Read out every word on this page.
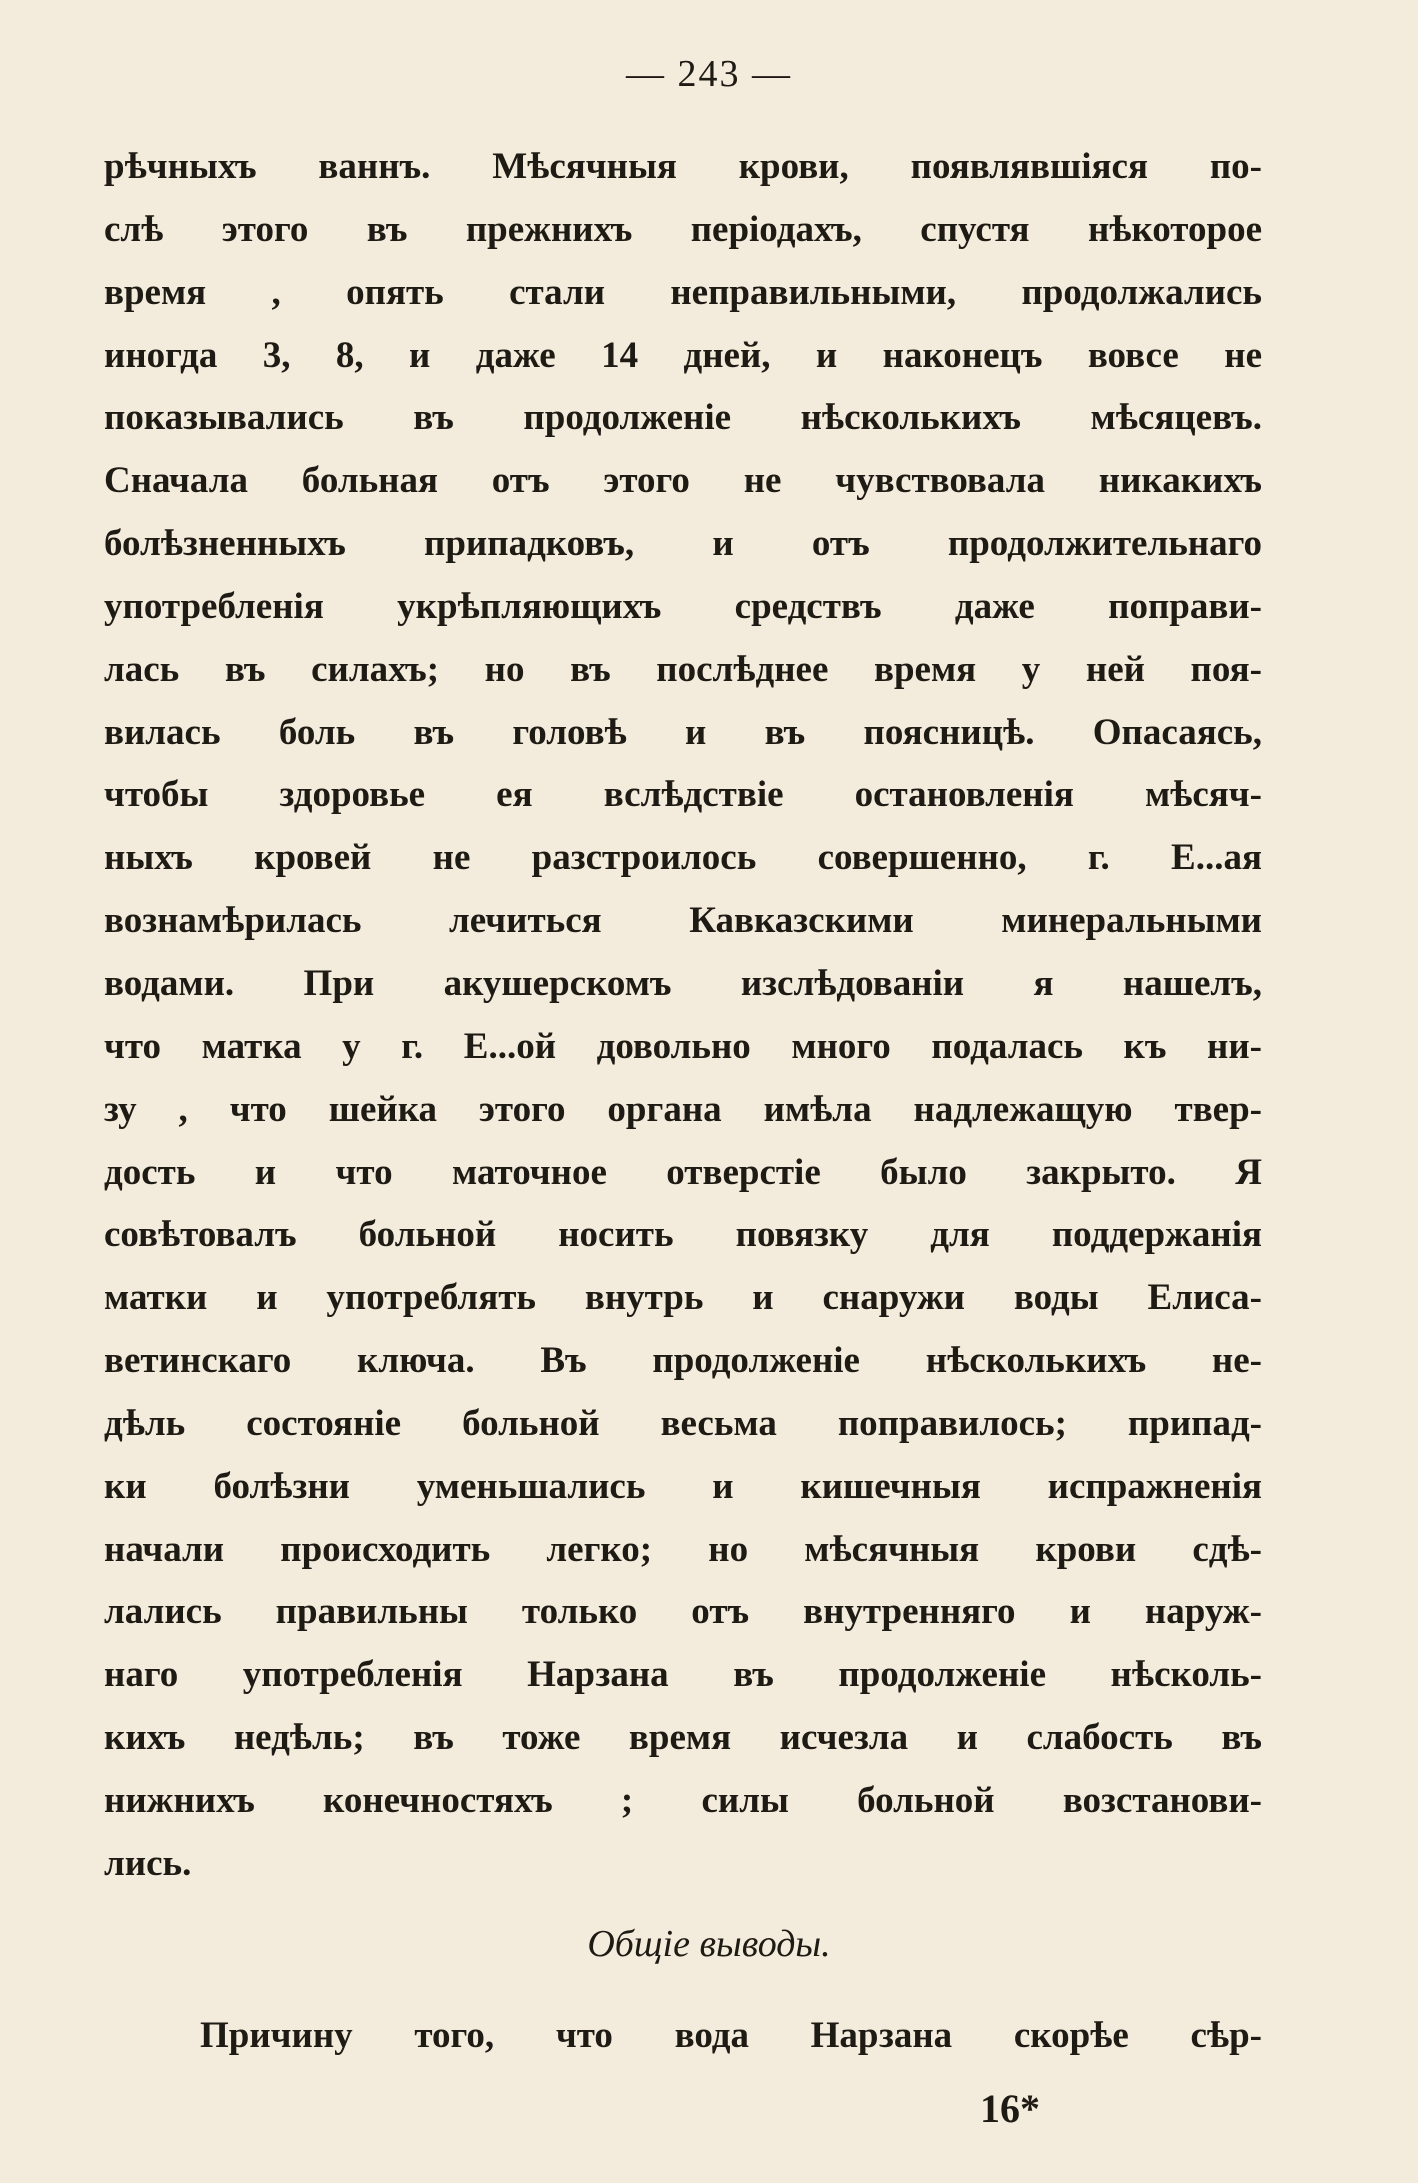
— 243 —
рѣчныхъ ваннъ. Мѣсячныя крови, появлявшіяся по-
слѣ этого въ прежнихъ періодахъ, спустя нѣкоторое
время , опять стали неправильными, продолжались
иногда 3, 8, и даже 14 дней, и наконецъ вовсе не
показывались въ продолженіе нѣсколькихъ мѣсяцевъ.
Сначала больная отъ этого не чувствовала никакихъ
болѣзненныхъ припадковъ, и отъ продолжительнаго
употребленія укрѣпляющихъ средствъ даже поправи-
лась въ силахъ; но въ послѣднее время у ней поя-
вилась боль въ головѣ и въ поясницѣ. Опасаясь,
чтобы здоровье ея вслѣдствіе остановленія мѣсяч-
ныхъ кровей не разстроилось совершенно, г. Е...ая
вознамѣрилась лечиться Кавказскими минеральными
водами. При акушерскомъ изслѣдованіи я нашелъ,
что матка у г. Е...ой довольно много подалась къ ни-
зу , что шейка этого органа имѣла надлежащую твер-
дость и что маточное отверстіе было закрыто. Я
совѣтовалъ больной носить повязку для поддержанія
матки и употреблять внутрь и снаружи воды Елиса-
ветинскаго ключа. Въ продолженіе нѣсколькихъ не-
дѣль состояніе больной весьма поправилось; припад-
ки болѣзни уменьшались и кишечныя испражненія
начали происходить легко; но мѣсячныя крови сдѣ-
лались правильны только отъ внутренняго и наруж-
наго употребленія Нарзана въ продолженіе нѣсколь-
кихъ недѣль; въ тоже время исчезла и слабость въ
нижнихъ конечностяхъ ; силы больной возстанови-
лись.
Общіе выводы.
Причину того, что вода Нарзана скорѣе сѣр-
16*
